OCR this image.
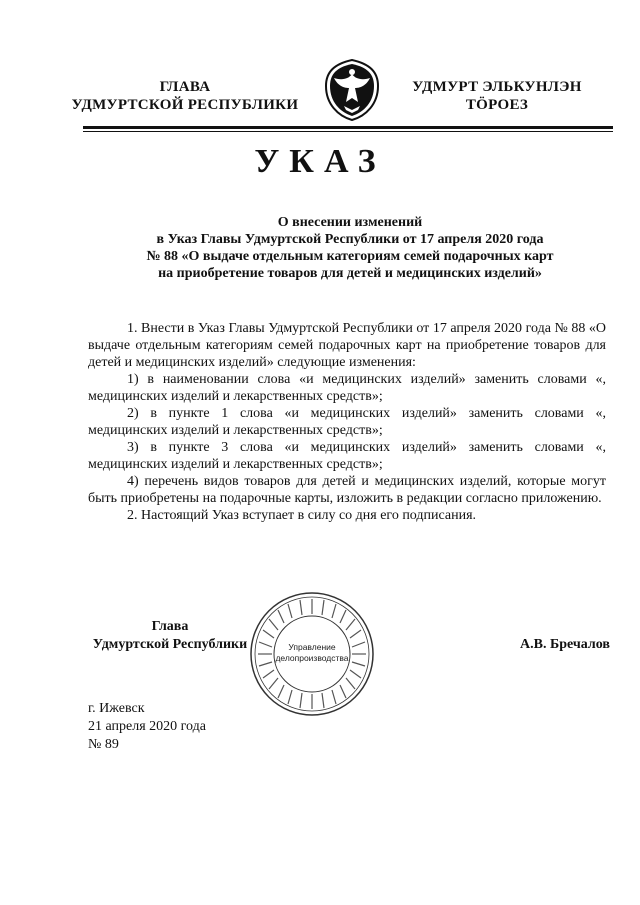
ГЛАВА
УДМУРТСКОЙ РЕСПУБЛИКИ
УДМУРТ ЭЛЬКУНЛЭН
ТӦРОЕЗ
УКАЗ
О внесении изменений
в Указ Главы Удмуртской Республики от 17 апреля 2020 года
№ 88 «О выдаче отдельным категориям семей подарочных карт
на приобретение товаров для детей и медицинских изделий»

1. Внести в Указ Главы Удмуртской Республики от 17 апреля 2020 года № 88 «О выдаче отдельным категориям семей подарочных карт на приобретение товаров для детей и медицинских изделий» следующие изменения:

1) в наименовании слова «и медицинских изделий» заменить словами «, медицинских изделий и лекарственных средств»;

2) в пункте 1 слова «и медицинских изделий» заменить словами «, медицинских изделий и лекарственных средств»;

3) в пункте 3 слова «и медицинских изделий» заменить словами «, медицинских изделий и лекарственных средств»;

4) перечень видов товаров для детей и медицинских изделий, которые могут быть приобретены на подарочные карты, изложить в редакции согласно приложению.

2. Настоящий Указ вступает в силу со дня его подписания.

Управление
делопроизводства
Глава
Удмуртской Республики	А.В. Бречалов
г. Ижевск
21 апреля 2020 года
№ 89
